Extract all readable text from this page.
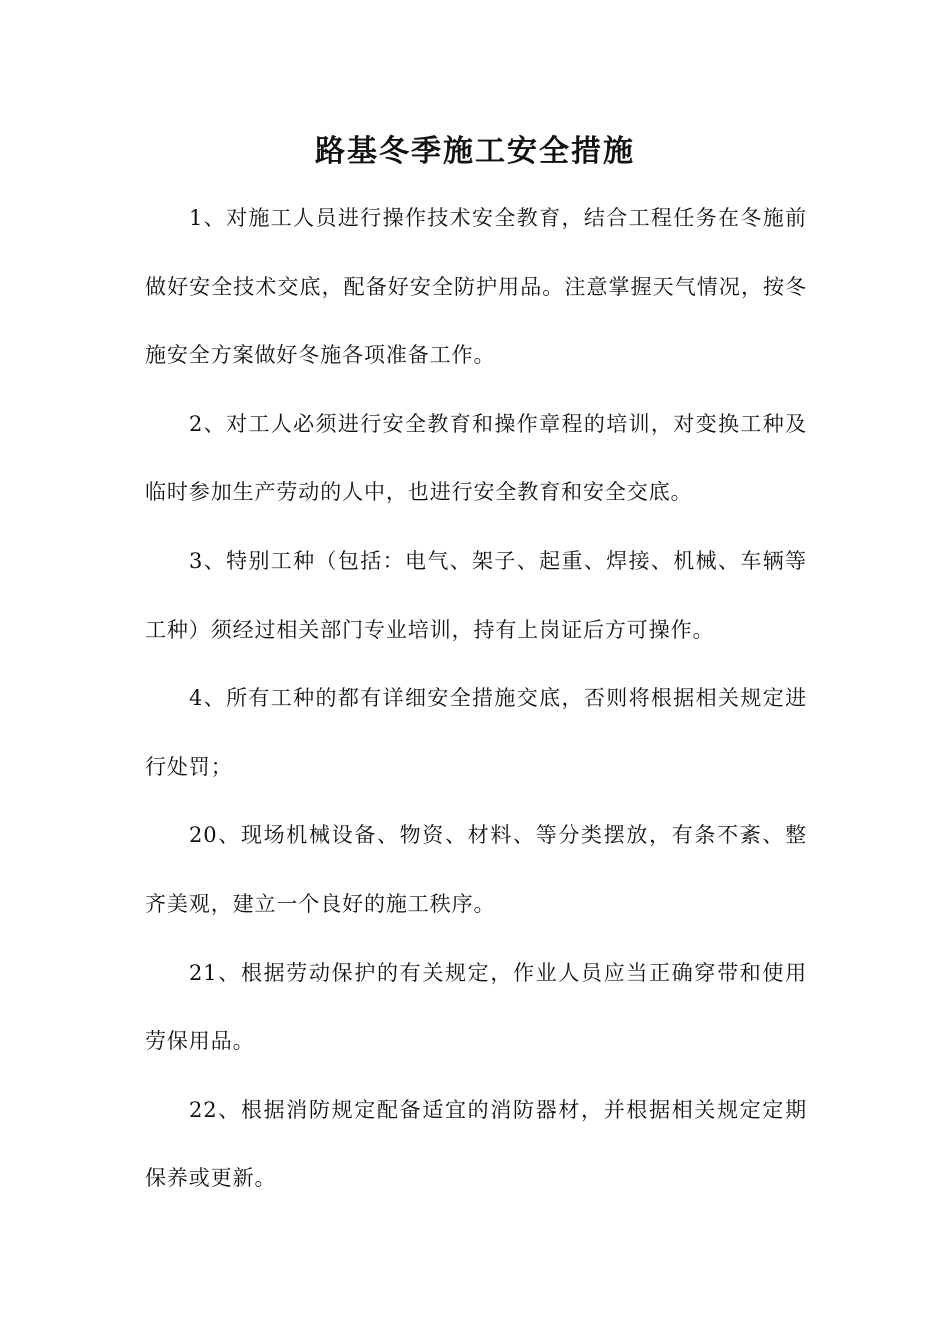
路基冬季施工安全措施

1、对施工人员进行操作技术安全教育，结合工程任务在冬施前做好安全技术交底，配备好安全防护用品。注意掌握天气情况，按冬施安全方案做好冬施各项准备工作。

2、对工人必须进行安全教育和操作章程的培训，对变换工种及临时参加生产劳动的人中，也进行安全教育和安全交底。

3、特别工种（包括：电气、架子、起重、焊接、机械、车辆等工种）须经过相关部门专业培训，持有上岗证后方可操作。

4、所有工种的都有详细安全措施交底，否则将根据相关规定进行处罚；

20、现场机械设备、物资、材料、等分类摆放，有条不紊、整齐美观，建立一个良好的施工秩序。

21、根据劳动保护的有关规定，作业人员应当正确穿带和使用劳保用品。

22、根据消防规定配备适宜的消防器材，并根据相关规定定期保养或更新。
